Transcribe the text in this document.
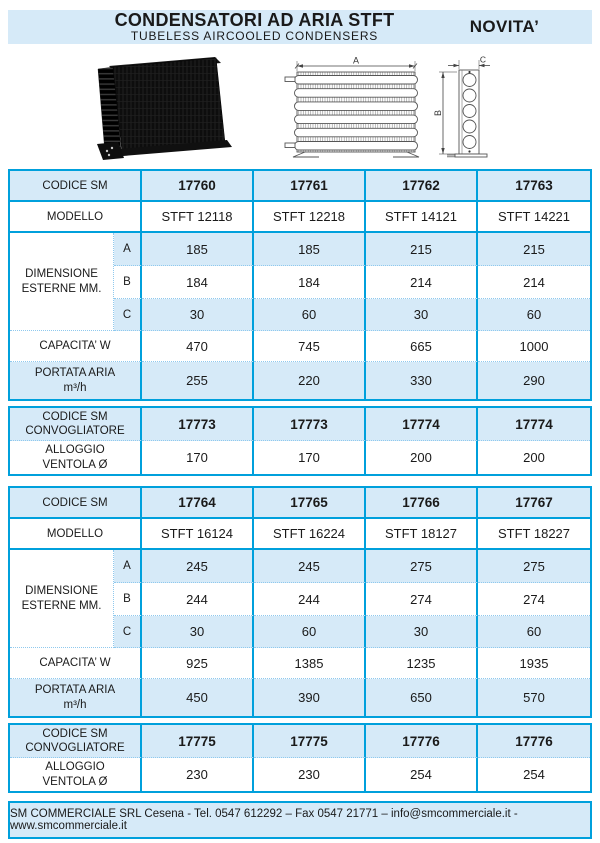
CONDENSATORI AD ARIA STFT
TUBELESS AIRCOOLED CONDENSERS
NOVITA’
A	C
B
CODICE SM	17760	17761	17762	17763
MODELLO	STFT 12118	STFT 12218	STFT 14121	STFT 14221
DIMENSIONE ESTERNE MM.
A	185	185	215	215
B	184	184	214	214
C	30	60	30	60
CAPACITA’ W	470	745	665	1000
PORTATA ARIA
m³/h	255	220	330	290
CODICE SM
CONVOGLIATORE	17773	17773	17774	17774
ALLOGGIO
VENTOLA Ø	170	170	200	200
CODICE SM	17764	17765	17766	17767
MODELLO	STFT 16124	STFT 16224	STFT 18127	STFT 18227
DIMENSIONE ESTERNE MM.
A	245	245	275	275
B	244	244	274	274
C	30	60	30	60
CAPACITA’ W	925	1385	1235	1935
PORTATA ARIA
m³/h	450	390	650	570
CODICE SM
CONVOGLIATORE	17775	17775	17776	17776
ALLOGGIO
VENTOLA Ø	230	230	254	254
SM COMMERCIALE SRL Cesena - Tel. 0547 612292 – Fax 0547 21771 – info@smcommerciale.it - www.smcommerciale.it
